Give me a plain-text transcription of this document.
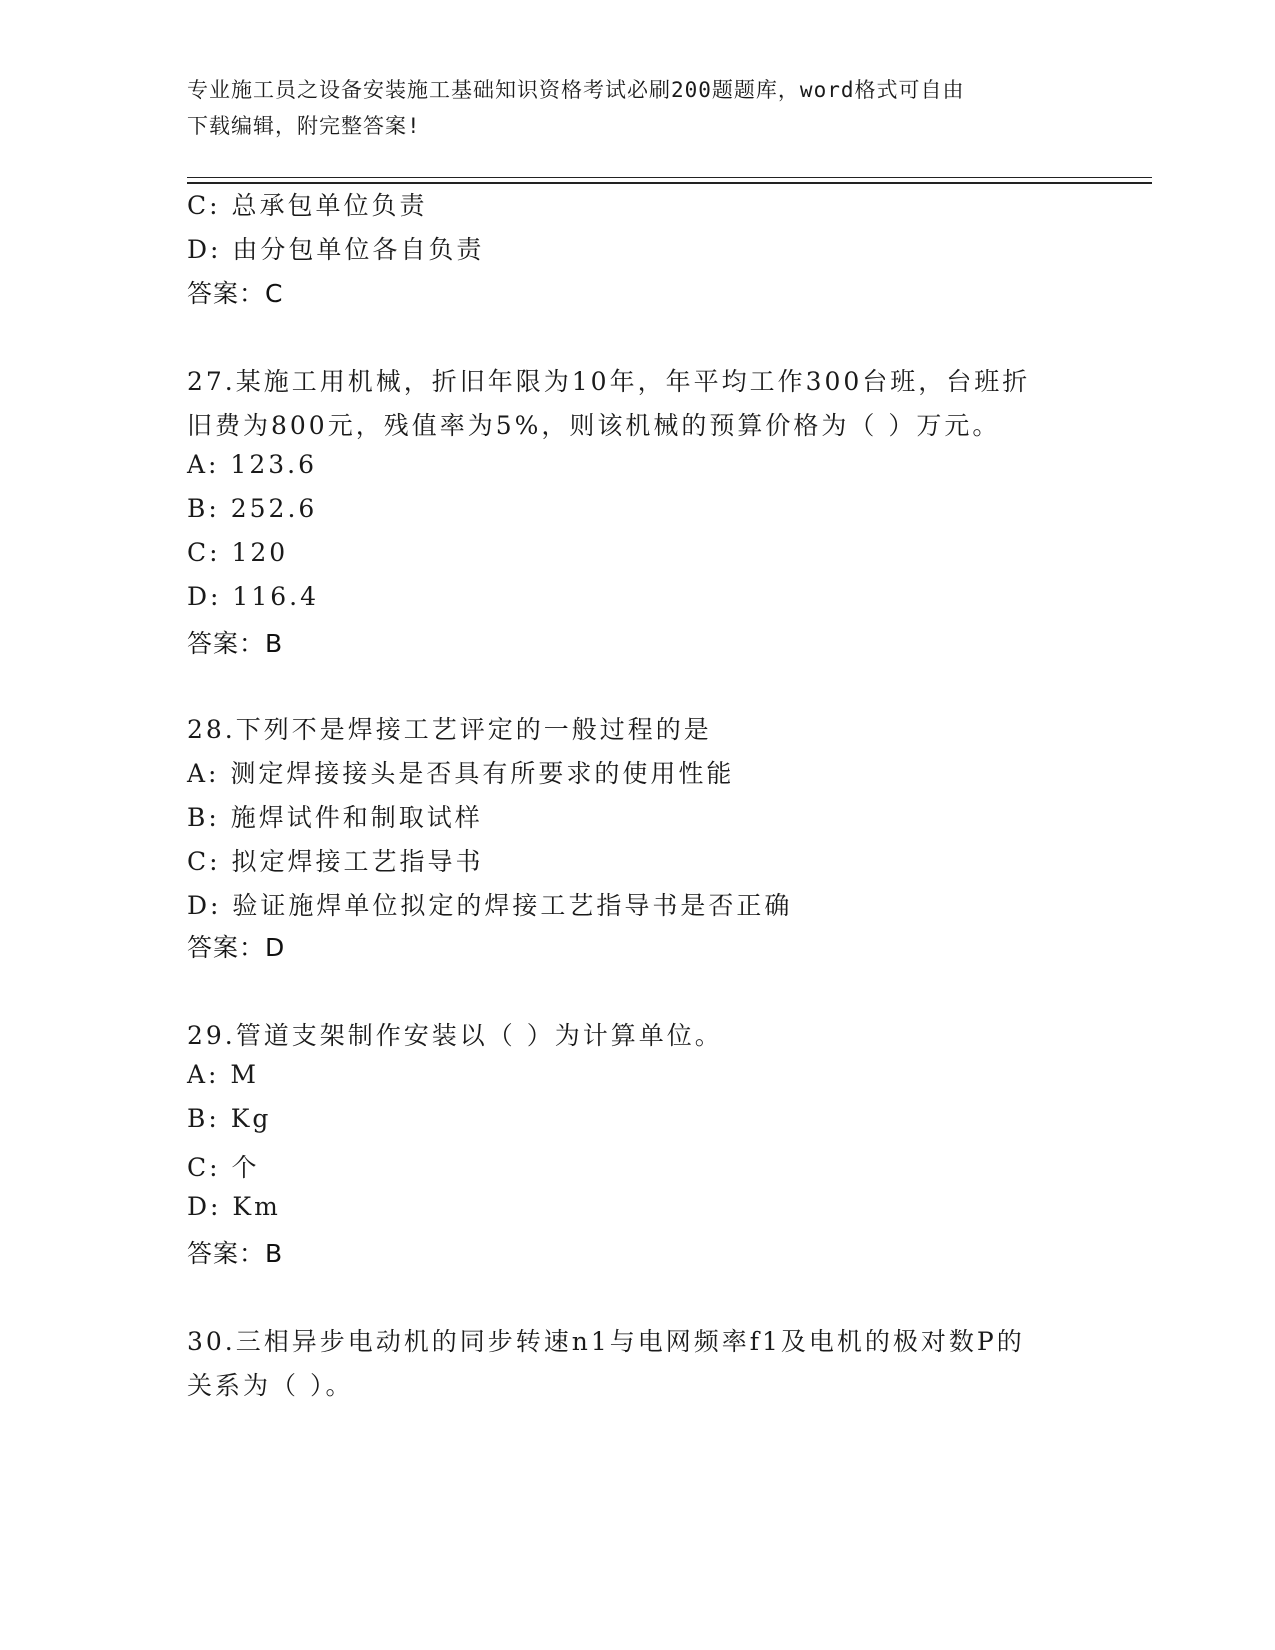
专业施工员之设备安装施工基础知识资格考试必刷200题题库，word格式可自由
下载编辑，附完整答案!
C: 总承包单位负责
D: 由分包单位各自负责
答案：C
27.某施工用机械，折旧年限为10年，年平均工作300台班，台班折
旧费为800元，残值率为5%，则该机械的预算价格为（ ）万元。
A: 123.6
B: 252.6
C: 120
D: 116.4
答案：B
28.下列不是焊接工艺评定的一般过程的是
A: 测定焊接接头是否具有所要求的使用性能
B: 施焊试件和制取试样
C: 拟定焊接工艺指导书
D: 验证施焊单位拟定的焊接工艺指导书是否正确
答案：D
29.管道支架制作安装以（ ）为计算单位。
A: M
B: Kg
C: 个
D: Km
答案：B
30.三相异步电动机的同步转速n1与电网频率f1及电机的极对数P的
关系为（ ）。
